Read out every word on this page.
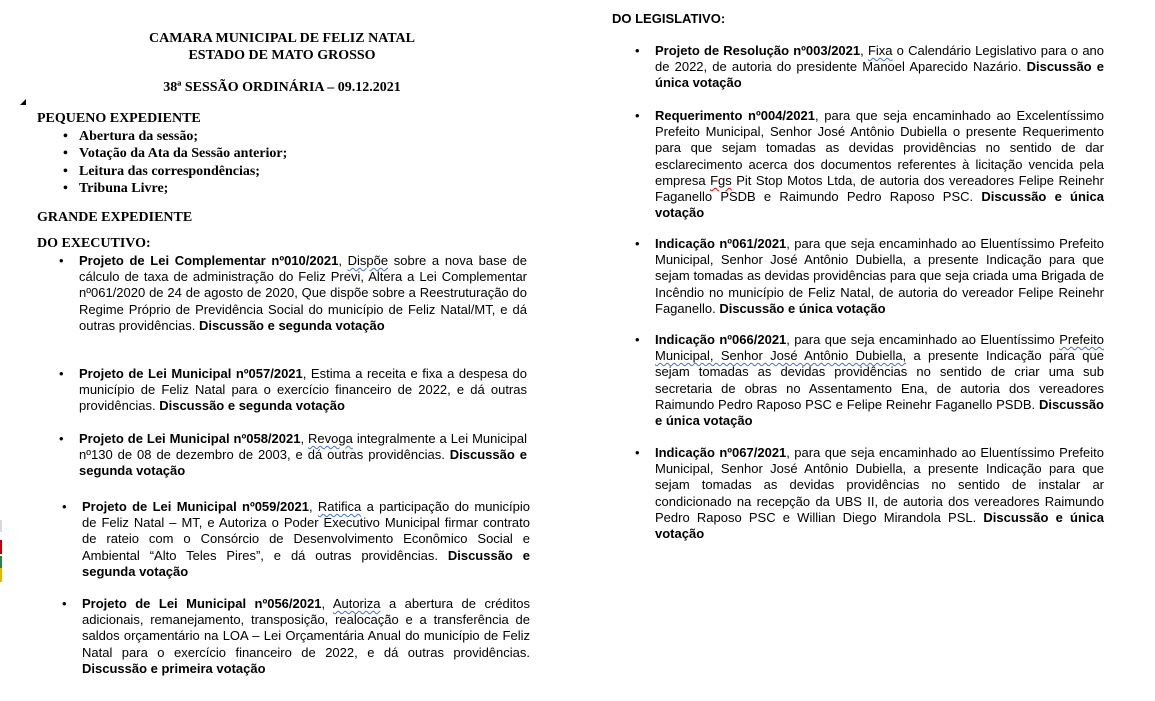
CAMARA MUNICIPAL DE FELIZ NATAL
ESTADO DE MATO GROSSO
38ª SESSÃO ORDINÁRIA – 09.12.2021
PEQUENO EXPEDIENTE
• Abertura da sessão;
• Votação da Ata da Sessão anterior;
• Leitura das correspondências;
• Tribuna Livre;
GRANDE EXPEDIENTE
DO EXECUTIVO:
• Projeto de Lei Complementar nº010/2021, Dispõe sobre a nova base de cálculo de taxa de administração do Feliz Previ, Altera a Lei Complementar nº061/2020 de 24 de agosto de 2020, Que dispõe sobre a Reestruturação do Regime Próprio de Previdência Social do município de Feliz Natal/MT, e dá outras providências. Discussão e segunda votação
• Projeto de Lei Municipal nº057/2021, Estima a receita e fixa a despesa do município de Feliz Natal para o exercício financeiro de 2022, e dá outras providências. Discussão e segunda votação
• Projeto de Lei Municipal nº058/2021, Revoga integralmente a Lei Municipal nº130 de 08 de dezembro de 2003, e dá outras providências. Discussão e segunda votação
• Projeto de Lei Municipal nº059/2021, Ratifica a participação do município de Feliz Natal – MT, e Autoriza o Poder Executivo Municipal firmar contrato de rateio com o Consórcio de Desenvolvimento Econômico Social e Ambiental “Alto Teles Pires”, e dá outras providências. Discussão e segunda votação
• Projeto de Lei Municipal nº056/2021, Autoriza a abertura de créditos adicionais, remanejamento, transposição, realocação e a transferência de saldos orçamentário na LOA – Lei Orçamentária Anual do município de Feliz Natal para o exercício financeiro de 2022, e dá outras providências. Discussão e primeira votação
DO LEGISLATIVO:
• Projeto de Resolução nº003/2021, Fixa o Calendário Legislativo para o ano de 2022, de autoria do presidente Manoel Aparecido Nazário. Discussão e única votação
• Requerimento nº004/2021, para que seja encaminhado ao Excelentíssimo Prefeito Municipal, Senhor José Antônio Dubiella o presente Requerimento para que sejam tomadas as devidas providências no sentido de dar esclarecimento acerca dos documentos referentes à licitação vencida pela empresa Fgs Pit Stop Motos Ltda, de autoria dos vereadores Felipe Reinehr Faganello PSDB e Raimundo Pedro Raposo PSC. Discussão e única votação
• Indicação nº061/2021, para que seja encaminhado ao Eluentíssimo Prefeito Municipal, Senhor José Antônio Dubiella, a presente Indicação para que sejam tomadas as devidas providências para que seja criada uma Brigada de Incêndio no município de Feliz Natal, de autoria do vereador Felipe Reinehr Faganello. Discussão e única votação
• Indicação nº066/2021, para que seja encaminhado ao Eluentíssimo Prefeito Municipal, Senhor José Antônio Dubiella, a presente Indicação para que sejam tomadas as devidas providências no sentido de criar uma sub secretaria de obras no Assentamento Ena, de autoria dos vereadores Raimundo Pedro Raposo PSC e Felipe Reinehr Faganello PSDB. Discussão e única votação
• Indicação nº067/2021, para que seja encaminhado ao Eluentíssimo Prefeito Municipal, Senhor José Antônio Dubiella, a presente Indicação para que sejam tomadas as devidas providências no sentido de instalar ar condicionado na recepção da UBS II, de autoria dos vereadores Raimundo Pedro Raposo PSC e Willian Diego Mirandola PSL. Discussão e única votação
